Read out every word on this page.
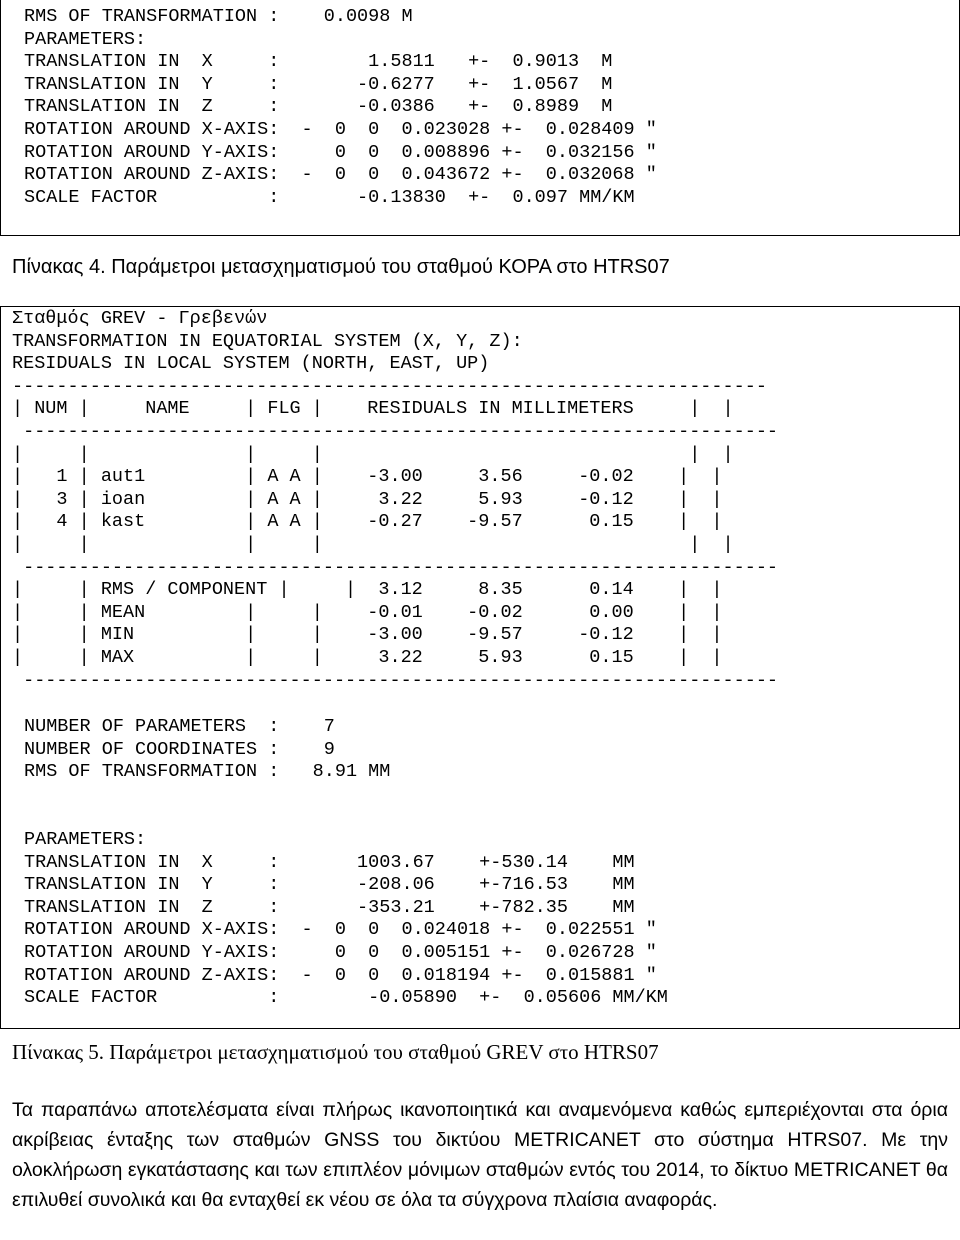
RMS OF TRANSFORMATION :    0.0098 M
PARAMETERS:
TRANSLATION IN  X     :        1.5811   +-  0.9013  M
TRANSLATION IN  Y     :       -0.6277   +-  1.0567  M
TRANSLATION IN  Z     :       -0.0386   +-  0.8989  M
ROTATION AROUND X-AXIS:  -  0  0  0.023028 +-  0.028409 "
ROTATION AROUND Y-AXIS:     0  0  0.008896 +-  0.032156 "
ROTATION AROUND Z-AXIS:  -  0  0  0.043672 +-  0.032068 "
SCALE FACTOR          :       -0.13830  +-  0.097 MM/KM

Πίνακας 4. Παράμετροι μετασχηματισμού του σταθμού ΚΟΡΑ στο HTRS07

Σταθμός GREV - Γρεβενών
TRANSFORMATION IN EQUATORIAL SYSTEM (X, Y, Z):
RESIDUALS IN LOCAL SYSTEM (NORTH, EAST, UP)
--------------------------------------------------------------------
| NUM |     NAME     | FLG |    RESIDUALS IN MILLIMETERS     |  |
--------------------------------------------------------------------
|     |              |     |                                 |  |
|   1 | aut1         | A A |    -3.00     3.56     -0.02    |  |
|   3 | ioan         | A A |     3.22     5.93     -0.12    |  |
|   4 | kast         | A A |    -0.27    -9.57      0.15    |  |
|     |              |     |                                 |  |
--------------------------------------------------------------------
|     | RMS / COMPONENT |     |  3.12     8.35      0.14    |  |
|     | MEAN         |     |    -0.01    -0.02      0.00    |  |
|     | MIN          |     |    -3.00    -9.57     -0.12    |  |
|     | MAX          |     |     3.22     5.93      0.15    |  |
--------------------------------------------------------------------
NUMBER OF PARAMETERS  :    7
NUMBER OF COORDINATES :    9
RMS OF TRANSFORMATION :   8.91 MM

PARAMETERS:
TRANSLATION IN  X     :       1003.67    +-530.14    MM
TRANSLATION IN  Y     :       -208.06    +-716.53    MM
TRANSLATION IN  Z     :       -353.21    +-782.35    MM
ROTATION AROUND X-AXIS:  -  0  0  0.024018 +-  0.022551 "
ROTATION AROUND Y-AXIS:     0  0  0.005151 +-  0.026728 "
ROTATION AROUND Z-AXIS:  -  0  0  0.018194 +-  0.015881 "
SCALE FACTOR          :        -0.05890  +-  0.05606 MM/KM

Πίνακας 5. Παράμετροι μετασχηματισμού του σταθμού GREV στο HTRS07

Τα παραπάνω αποτελέσματα είναι πλήρως ικανοποιητικά και αναμενόμενα καθώς εμπεριέχονται στα όρια ακρίβειας ένταξης των σταθμών GNSS του δικτύου METRICANET στο σύστημα HTRS07. Με την ολοκλήρωση εγκατάστασης και των επιπλέον μόνιμων σταθμών εντός του 2014, το δίκτυο METRICANET θα επιλυθεί συνολικά και θα ενταχθεί εκ νέου σε όλα τα σύγχρονα πλαίσια αναφοράς.
